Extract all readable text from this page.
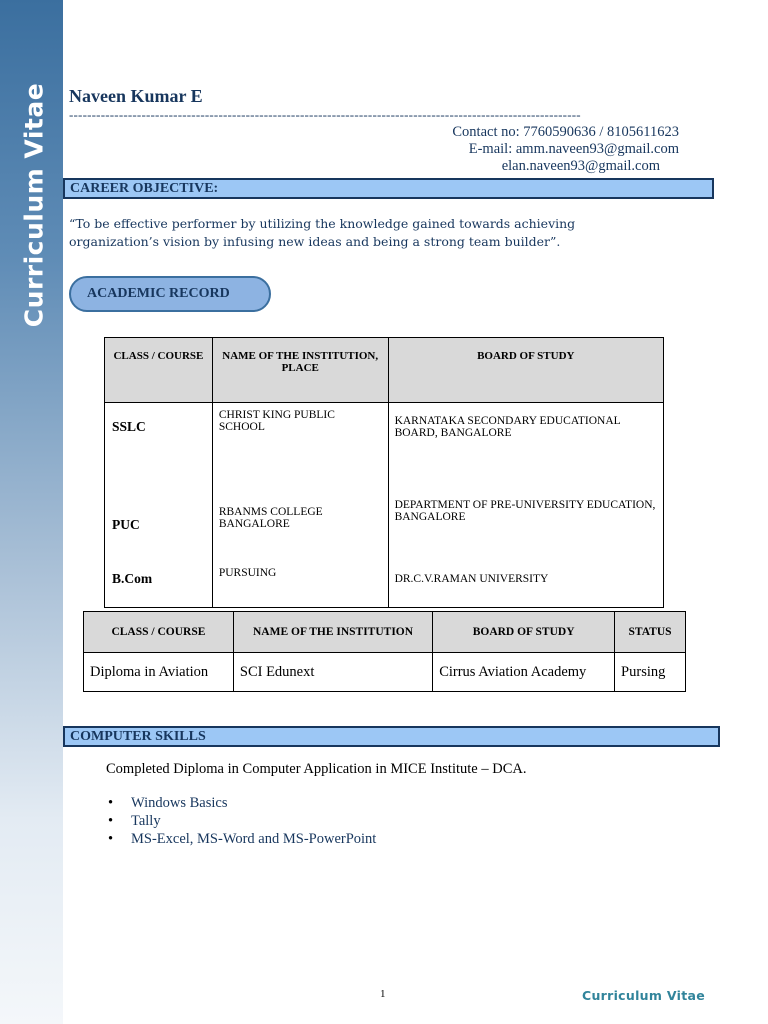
Curriculum Vitae Naveen Kumar E
-----------------------------------------------------------------------------------------------------------------
Contact no: 7760590636 / 8105611623
E-mail: amm.naveen93@gmail.com
elan.naveen93@gmail.com
CAREER OBJECTIVE:
“To be effective performer by utilizing the knowledge gained towards achieving organization’s vision by infusing new ideas and being a strong team builder”.
ACADEMIC RECORD
CLASS / COURSE	NAME OF THE INSTITUTION, PLACE	BOARD OF STUDY
SSLC	CHRIST KING PUBLIC SCHOOL	KARNATAKA SECONDARY EDUCATIONAL BOARD, BANGALORE
PUC	RBANMS COLLEGE BANGALORE	DEPARTMENT OF PRE-UNIVERSITY EDUCATION, BANGALORE
B.Com	PURSUING	DR.C.V.RAMAN UNIVERSITY
CLASS / COURSE	NAME OF THE INSTITUTION	BOARD OF STUDY	STATUS
Diploma in Aviation	SCI Edunext	Cirrus Aviation Academy	Pursing
COMPUTER SKILLS
Completed Diploma in Computer Application in MICE Institute – DCA.
• Windows Basics
• Tally
• MS-Excel, MS-Word and MS-PowerPoint
1	Curriculum Vitae
